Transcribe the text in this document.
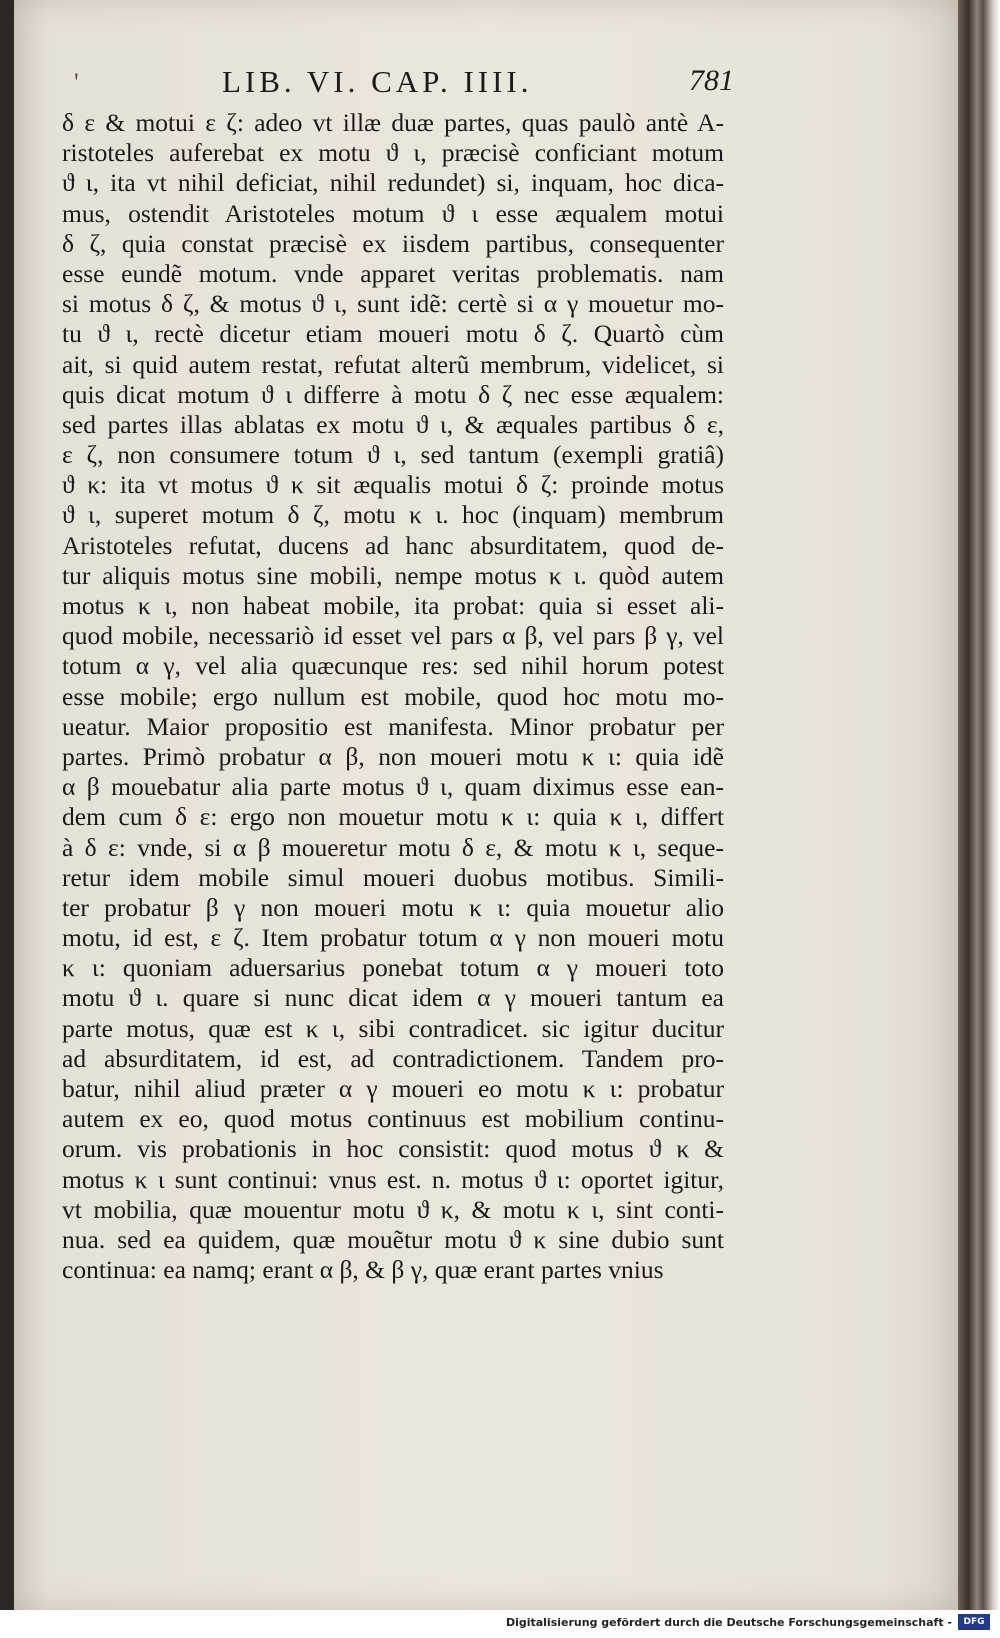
'	LIB. VI. CAP. IIII.	781
δ ε & motui ε ζ: adeo vt illæ duæ partes, quas paulò antè A-
ristoteles auferebat ex motu ϑ ι, præcisè conficiant motum
ϑ ι, ita vt nihil deficiat, nihil redundet) si, inquam, hoc dica-
mus, ostendit Aristoteles motum ϑ ι esse æqualem motui
δ ζ, quia constat præcisè ex iisdem partibus, consequenter
esse eundẽ motum. vnde apparet veritas problematis. nam
si motus δ ζ, & motus ϑ ι, sunt idẽ: certè si α γ mouetur mo-
tu ϑ ι, rectè dicetur etiam moueri motu δ ζ. Quartò cùm
ait, si quid autem restat, refutat alterũ membrum, videlicet, si
quis dicat motum ϑ ι differre à motu δ ζ nec esse æqualem:
sed partes illas ablatas ex motu ϑ ι, & æquales partibus δ ε,
ε ζ, non consumere totum ϑ ι, sed tantum (exempli gratiâ)
ϑ κ: ita vt motus ϑ κ sit æqualis motui δ ζ: proinde motus
ϑ ι, superet motum δ ζ, motu κ ι. hoc (inquam) membrum
Aristoteles refutat, ducens ad hanc absurditatem, quod de-
tur aliquis motus sine mobili, nempe motus κ ι. quòd autem
motus κ ι, non habeat mobile, ita probat: quia si esset ali-
quod mobile, necessariò id esset vel pars α β, vel pars β γ, vel
totum α γ, vel alia quæcunque res: sed nihil horum potest
esse mobile; ergo nullum est mobile, quod hoc motu mo-
ueatur. Maior propositio est manifesta. Minor probatur per
partes. Primò probatur α β, non moueri motu κ ι: quia idẽ
α β mouebatur alia parte motus ϑ ι, quam diximus esse ean-
dem cum δ ε: ergo non mouetur motu κ ι: quia κ ι, differt
à δ ε: vnde, si α β moueretur motu δ ε, & motu κ ι, seque-
retur idem mobile simul moueri duobus motibus. Simili-
ter probatur β γ non moueri motu κ ι: quia mouetur alio
motu, id est, ε ζ. Item probatur totum α γ non moueri motu
κ ι: quoniam aduersarius ponebat totum α γ moueri toto
motu ϑ ι. quare si nunc dicat idem α γ moueri tantum ea
parte motus, quæ est κ ι, sibi contradicet. sic igitur ducitur
ad absurditatem, id est, ad contradictionem. Tandem pro-
batur, nihil aliud præter α γ moueri eo motu κ ι: probatur
autem ex eo, quod motus continuus est mobilium continu-
orum. vis probationis in hoc consistit: quod motus ϑ κ &
motus κ ι sunt continui: vnus est. n. motus ϑ ι: oportet igitur,
vt mobilia, quæ mouentur motu ϑ κ, & motu κ ι, sint conti-
nua. sed ea quidem, quæ mouẽtur motu ϑ κ sine dubio sunt
continua: ea namq; erant α β, & β γ, quæ erant partes vnius
Digitalisierung gefördert durch die Deutsche Forschungsgemeinschaft -	DFG
